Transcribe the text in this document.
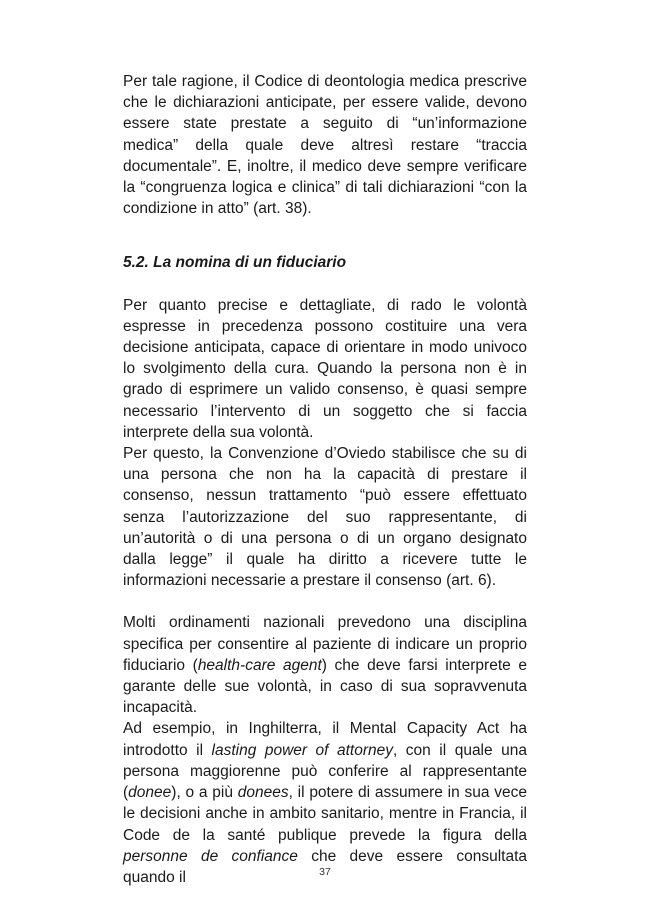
Per tale ragione, il Codice di deontologia medica prescrive che le dichiarazioni anticipate, per essere valide, devono essere state prestate a seguito di “un’informazione medica” della quale deve altresì restare “traccia documentale”. E, inoltre, il medico deve sempre verificare la “congruenza logica e clinica” di tali dichiarazioni “con la condizione in atto” (art. 38).

5.2. La nomina di un fiduciario

Per quanto precise e dettagliate, di rado le volontà espresse in precedenza possono costituire una vera decisione anticipata, capace di orientare in modo univoco lo svolgimento della cura. Quando la persona non è in grado di esprimere un valido consenso, è quasi sempre necessario l’intervento di un soggetto che si faccia interprete della sua volontà.

Per questo, la Convenzione d’Oviedo stabilisce che su di una persona che non ha la capacità di prestare il consenso, nessun trattamento “può essere effettuato senza l’autorizzazione del suo rappresentante, di un’autorità o di una persona o di un organo designato dalla legge” il quale ha diritto a ricevere tutte le informazioni necessarie a prestare il consenso (art. 6).

Molti ordinamenti nazionali prevedono una disciplina specifica per consentire al paziente di indicare un proprio fiduciario (health-care agent) che deve farsi interprete e garante delle sue volontà, in caso di sua sopravvenuta incapacità.

Ad esempio, in Inghilterra, il Mental Capacity Act ha introdotto il lasting power of attorney, con il quale una persona maggiorenne può conferire al rappresentante (donee), o a più donees, il potere di assumere in sua vece le decisioni anche in ambito sanitario, mentre in Francia, il Code de la santé publique prevede la figura della personne de confiance che deve essere consultata quando il	37
